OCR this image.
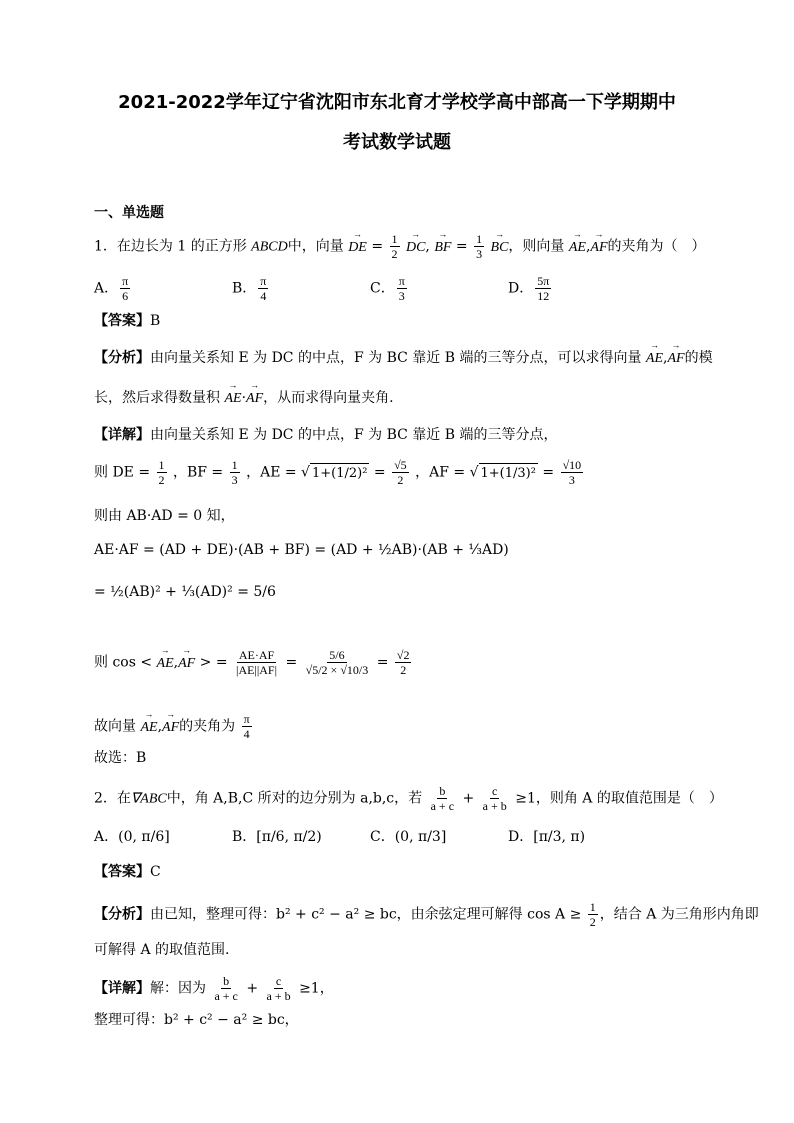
2021-2022学年辽宁省沈阳市东北育才学校学高中部高一下学期期中
考试数学试题
一、单选题
1．在边长为 1 的正方形 ABCD中，向量 → DE = $\frac{1}{2}$ → DC, → BF = $\frac{1}{3}$ → BC，则向量 → AE,→ AF的夹角为（　）
A． $\frac{\pi}{6}$	B． $\frac{\pi}{4}$	C． $\frac{\pi}{3}$	D． $\frac{5\pi}{12}$
【答案】B
【分析】由向量关系知 E 为 DC 的中点，F 为 BC 靠近 B 端的三等分点，可以求得向量 → AE,→ AF的模
长，然后求得数量积 → AE·→ AF，从而求得向量夹角.
【详解】由向量关系知 E 为 DC 的中点，F 为 BC 靠近 B 端的三等分点，
则 DE = $\frac{1}{2}$ ，BF = $\frac{1}{3}$ ，AE = √ $1+(1/2)^2 = \frac{√5}{2}$ ，AF = √ $1+(1/3)^2 = \frac{√10}{3}$
则由 AB·AD = 0 知，
AE·AF = (AD + DE)·(AB + BF) = (AD + ½AB)·(AB + ⅓AD)
= ½(AB)² + ⅓(AD)² = 5/6
则 cos < → AE,→ AF > = $\frac{AE\cdot AF}{|AE||AF|} = \frac{5/6}{√5/2 \times √10/3} = \frac{√2}{2}$
故向量 → AE,→ AF的夹角为 $\frac{\pi}{4}$
故选：B
2．在∇ABC中，角 A,B,C 所对的边分别为 a,b,c，若 $\frac{b}{a + c} + \frac{c}{a + b} \ge 1$，则角 A 的取值范围是（　）
A．(0, π/6]	B．[π/6, π/2)	C．(0, π/3]	D．[π/3, π)
【答案】C
【分析】由已知，整理可得：b² + c² − a² ≥ bc，由余弦定理可解得 $\cos A \ge \frac{1}{2}$ ，结合 A 为三角形内角即
可解得 A 的取值范围.
【详解】解：因为 $\frac{b}{a + c} + \frac{c}{a + b} \ge 1$，
整理可得：b² + c² − a² ≥ bc，
